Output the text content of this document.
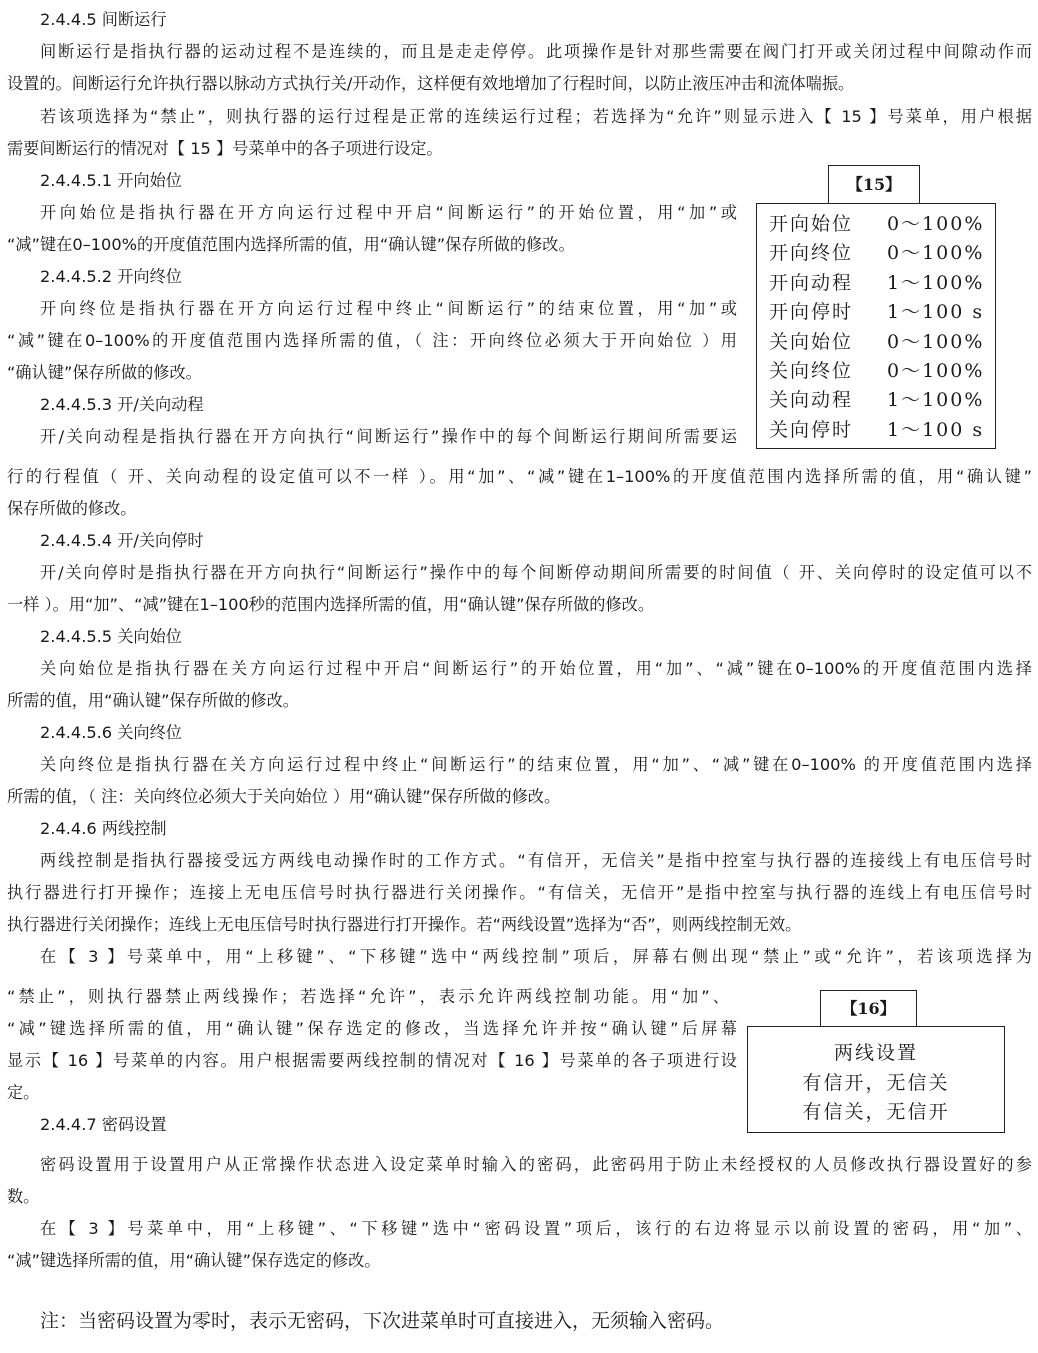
2.4.4.5 间断运行
间断运行是指执行器的运动过程不是连续的，而且是走走停停。此项操作是针对那些需要在阀门打开或关闭过程中间隙动作而
设置的。间断运行允许执行器以脉动方式执行关/开动作，这样便有效地增加了行程时间，以防止液压冲击和流体喘振。
若该项选择为“禁止”，则执行器的运行过程是正常的连续运行过程；若选择为“允许”则显示进入【 15 】号菜单，用户根据
需要间断运行的情况对【 15 】号菜单中的各子项进行设定。
2.4.4.5.1 开向始位
开向始位是指执行器在开方向运行过程中开启“间断运行”的开始位置，用“加”或
“减”键在0–100%的开度值范围内选择所需的值，用“确认键”保存所做的修改。
2.4.4.5.2 开向终位
开向终位是指执行器在开方向运行过程中终止“间断运行”的结束位置，用“加”或
“减”键在0–100%的开度值范围内选择所需的值，（ 注：开向终位必须大于开向始位 ）用
“确认键”保存所做的修改。
2.4.4.5.3 开/关向动程
开/关向动程是指执行器在开方向执行“间断运行”操作中的每个间断运行期间所需要运
行的行程值（ 开、关向动程的设定值可以不一样 ）。用“加”、“减”键在1–100%的开度值范围内选择所需的值，用“确认键”
保存所做的修改。
2.4.4.5.4 开/关向停时
开/关向停时是指执行器在开方向执行“间断运行”操作中的每个间断停动期间所需要的时间值（ 开、关向停时的设定值可以不
一样 ）。用“加”、“减”键在1–100秒的范围内选择所需的值，用“确认键”保存所做的修改。
2.4.4.5.5 关向始位
关向始位是指执行器在关方向运行过程中开启“间断运行”的开始位置，用“加”、“减”键在0–100%的开度值范围内选择
所需的值，用“确认键”保存所做的修改。
2.4.4.5.6 关向终位
关向终位是指执行器在关方向运行过程中终止“间断运行”的结束位置，用“加”、“减”键在0–100% 的开度值范围内选择
所需的值，（ 注：关向终位必须大于关向始位 ）用“确认键”保存所做的修改。
2.4.4.6 两线控制
两线控制是指执行器接受远方两线电动操作时的工作方式。“有信开，无信关”是指中控室与执行器的连接线上有电压信号时
执行器进行打开操作；连接上无电压信号时执行器进行关闭操作。“有信关，无信开”是指中控室与执行器的连线上有电压信号时
执行器进行关闭操作；连线上无电压信号时执行器进行打开操作。若“两线设置”选择为“否”，则两线控制无效。
在【 3 】号菜单中，用“上移键”、“下移键”选中“两线控制”项后，屏幕右侧出现“禁止”或“允许”，若该项选择为
“禁止”，则执行器禁止两线操作；若选择“允许”，表示允许两线控制功能。用“加”、
“减”键选择所需的值，用“确认键”保存选定的修改，当选择允许并按“确认键”后屏幕
显示【 16 】号菜单的内容。用户根据需要两线控制的情况对【 16 】号菜单的各子项进行设
定。
2.4.4.7 密码设置
密码设置用于设置用户从正常操作状态进入设定菜单时输入的密码，此密码用于防止未经授权的人员修改执行器设置好的参
数。
在【 3 】号菜单中，用“上移键”、“下移键”选中“密码设置”项后，该行的右边将显示以前设置的密码，用“加”、
“减”键选择所需的值，用“确认键”保存选定的修改。
注：当密码设置为零时，表示无密码，下次进菜单时可直接进入，无须输入密码。
【15】
开向始位	0～100%
开向终位	0～100%
开向动程	1～100%
开向停时	1～100 s
关向始位	0～100%
关向终位	0～100%
关向动程	1～100%
关向停时	1～100 s
【16】
两线设置
有信开，无信关
有信关，无信开
